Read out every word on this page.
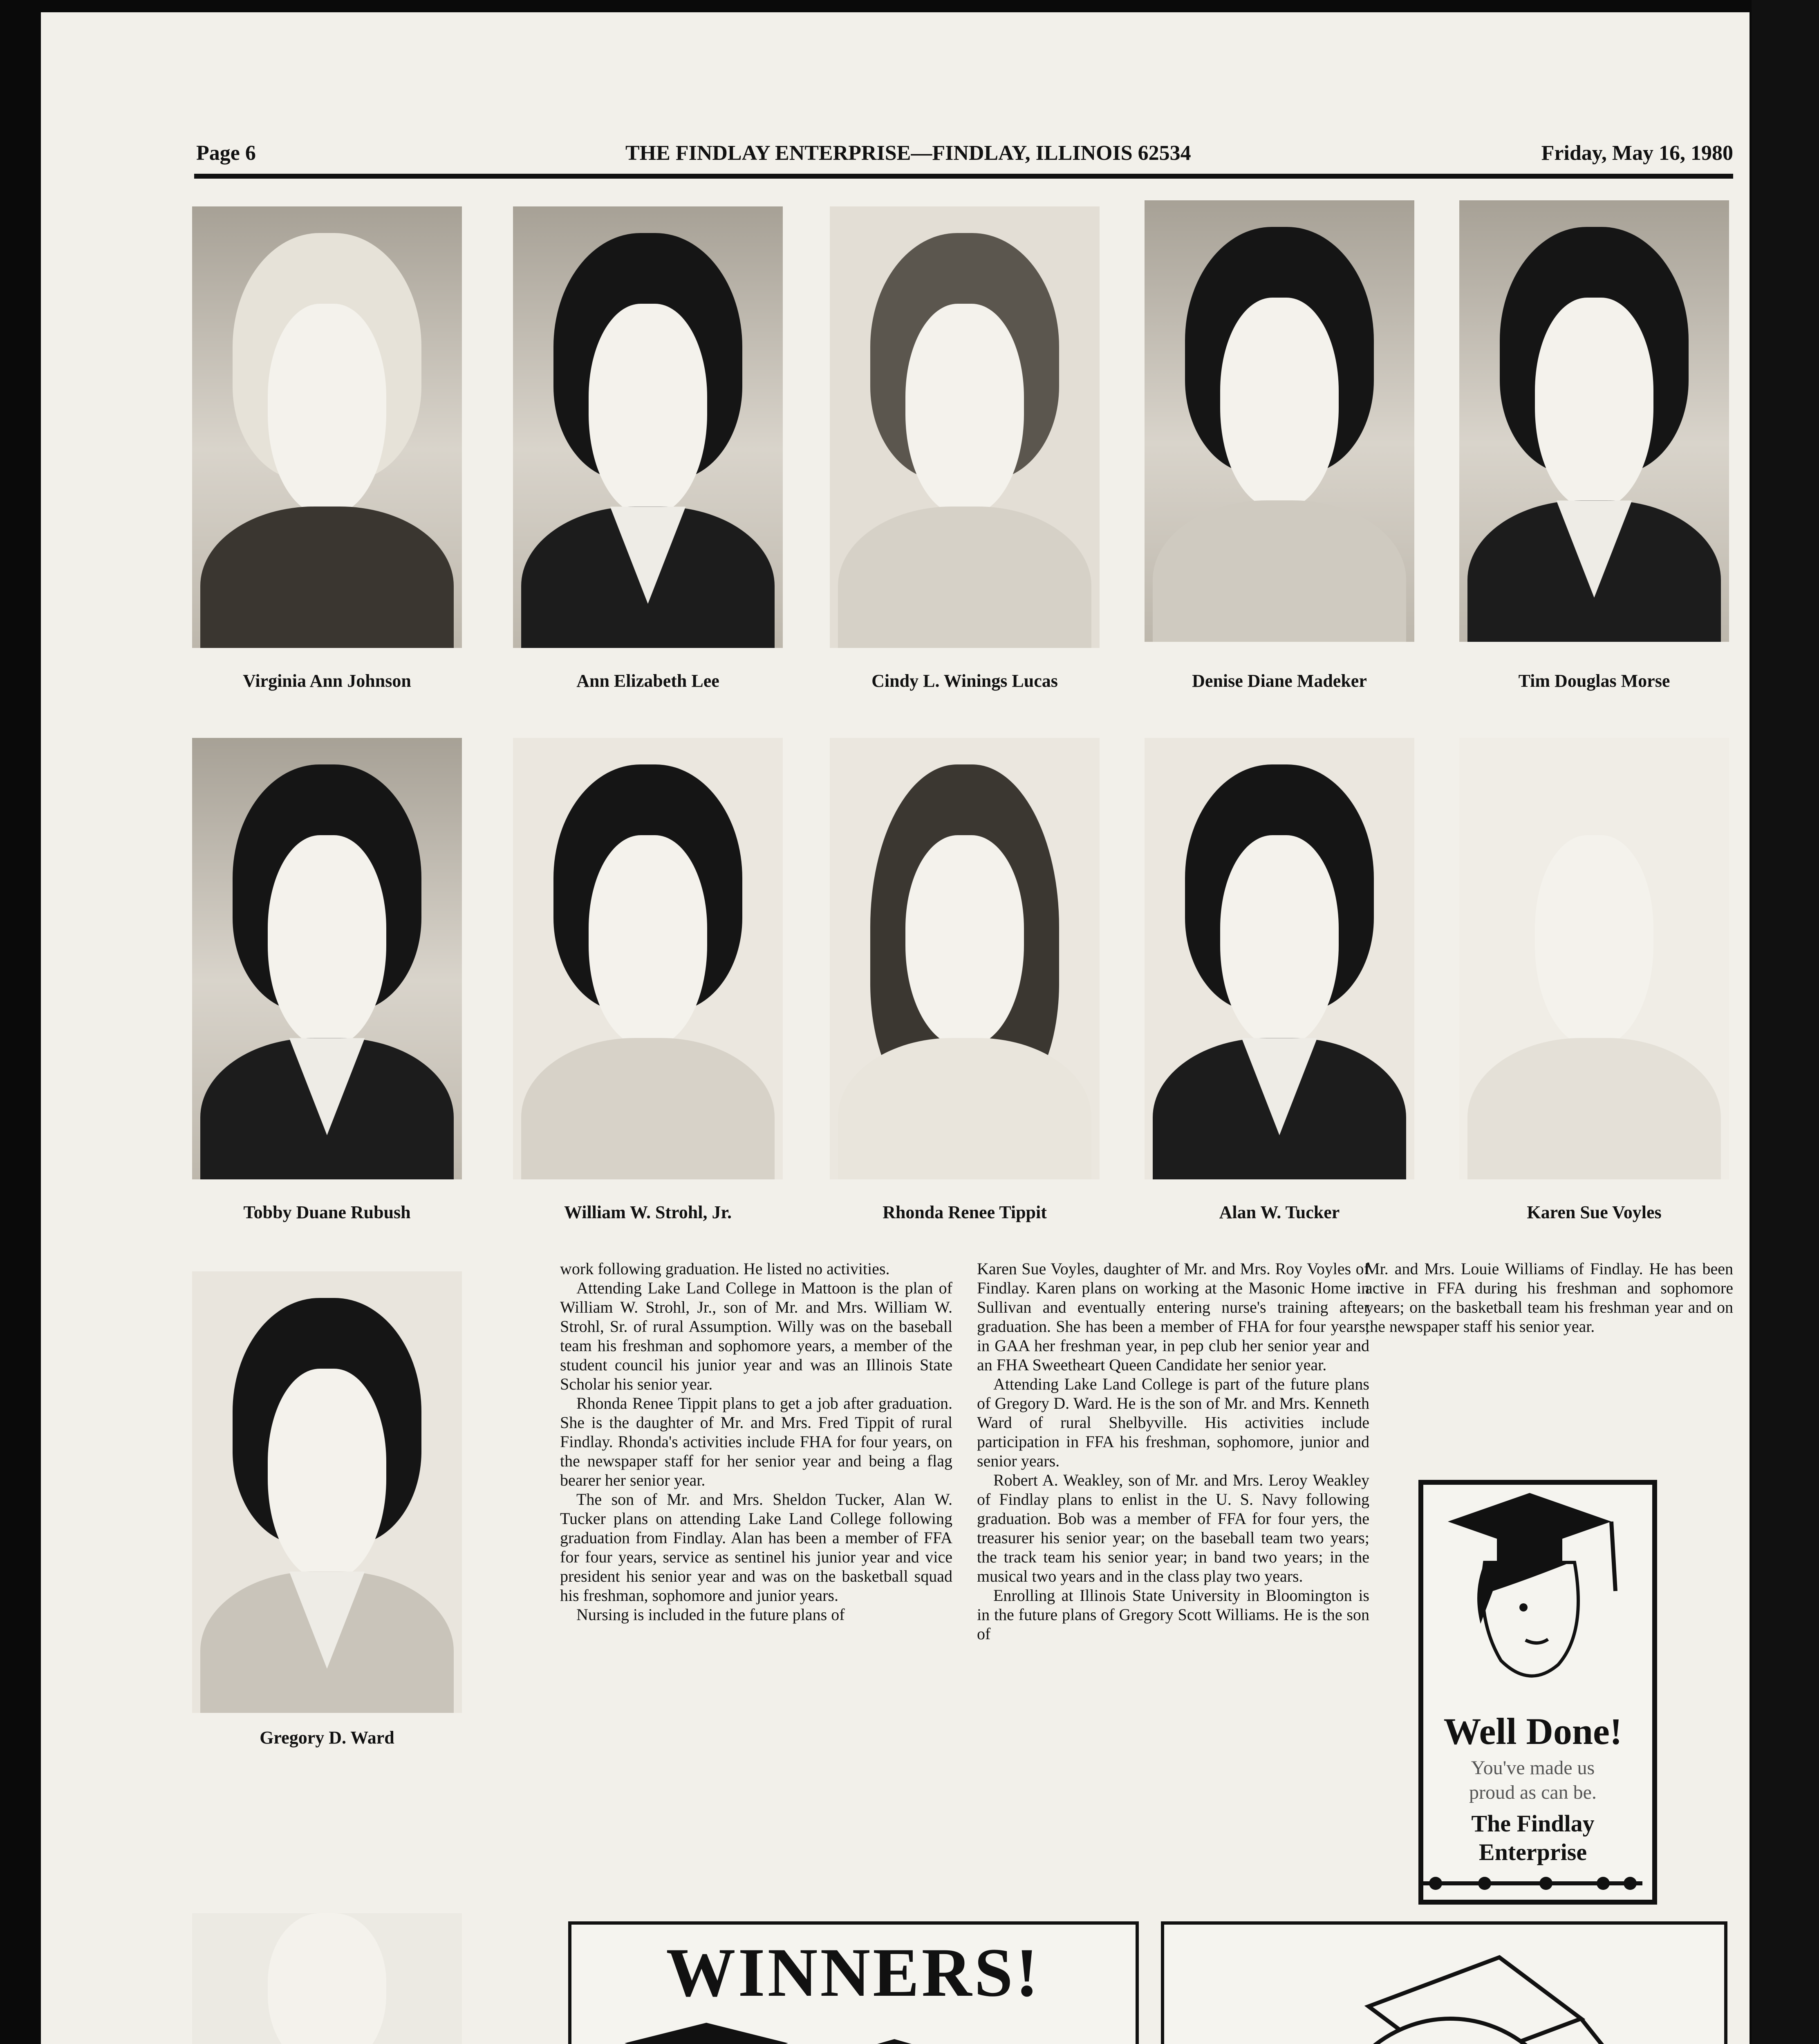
Page 6	THE FINDLAY ENTERPRISE—FINDLAY, ILLINOIS 62534	Friday, May 16, 1980
Virginia Ann Johnson	Ann Elizabeth Lee	Cindy L. Winings Lucas	Denise Diane Madeker	Tim Douglas Morse
Tobby Duane Rubush	William W. Strohl, Jr.	Rhonda Renee Tippit	Alan W. Tucker	Karen Sue Voyles
Gregory D. Ward

work following graduation. He listed no activities.

Attending Lake Land College in Mattoon is the plan of William W. Strohl, Jr., son of Mr. and Mrs. William W. Strohl, Sr. of rural Assumption. Willy was on the baseball team his freshman and sophomore years, a member of the student council his junior year and was an Illinois State Scholar his senior year.

Rhonda Renee Tippit plans to get a job after graduation. She is the daughter of Mr. and Mrs. Fred Tippit of rural Findlay. Rhonda's activities include FHA for four years, on the newspaper staff for her senior year and being a flag bearer her senior year.

The son of Mr. and Mrs. Sheldon Tucker, Alan W. Tucker plans on attending Lake Land College following graduation from Findlay. Alan has been a member of FFA for four years, service as sentinel his junior year and vice president his senior year and was on the basketball squad his freshman, sophomore and junior years.

Nursing is included in the future plans of

Karen Sue Voyles, daughter of Mr. and Mrs. Roy Voyles of Findlay. Karen plans on working at the Masonic Home in Sullivan and eventually entering nurse's training after graduation. She has been a member of FHA for four years, in GAA her freshman year, in pep club her senior year and an FHA Sweetheart Queen Candidate her senior year.

Attending Lake Land College is part of the future plans of Gregory D. Ward. He is the son of Mr. and Mrs. Kenneth Ward of rural Shelbyville. His activities include participation in FFA his freshman, sophomore, junior and senior years.

Robert A. Weakley, son of Mr. and Mrs. Leroy Weakley of Findlay plans to enlist in the U. S. Navy following graduation. Bob was a member of FFA for four yers, the treasurer his senior year; on the baseball team two years; the track team his senior year; in band two years; in the musical two years and in the class play two years.

Enrolling at Illinois State University in Bloomington is in the future plans of Gregory Scott Williams. He is the son of

Mr. and Mrs. Louie Williams of Findlay. He has been active in FFA during his freshman and sophomore years; on the basketball team his freshman year and on the newspaper staff his senior year.

Well Done!
You've made us
proud as can be.
The Findlay
Enterprise
WINNERS!
